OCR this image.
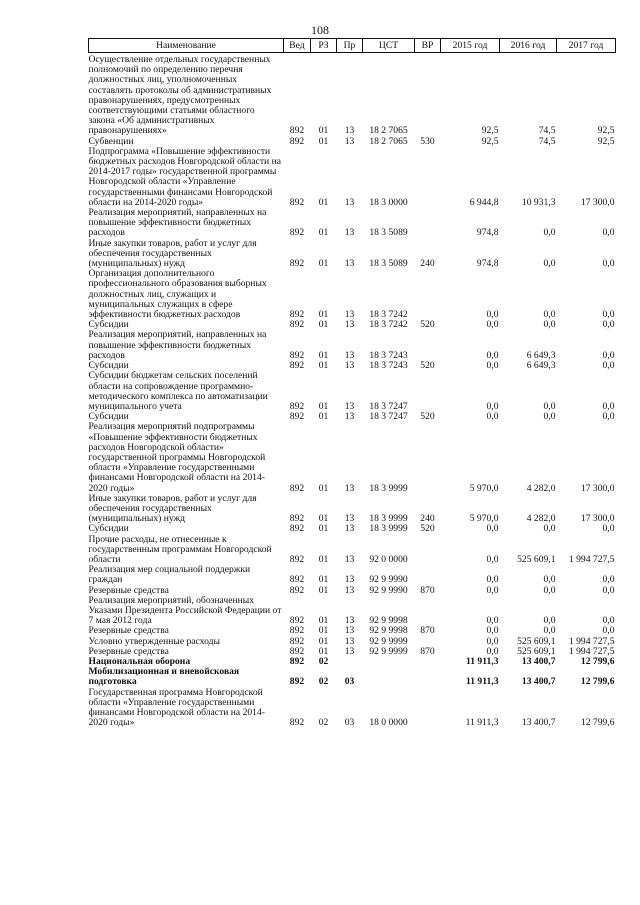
108
Наименование	Вед	РЗ	Пр	ЦСТ	ВР	2015 год	2016 год	2017 год
Осуществление отдельных государственных полномочий по определению перечня должностных лиц, уполномоченных составлять протоколы об административных правонарушениях, предусмотренных соответствующими статьями областного закона «Об административных правонарушениях»	892	01	13	18 2 7065		92,5	74,5	92,5
Субвенции	892	01	13	18 2 7065	530	92,5	74,5	92,5
Подпрограмма «Повышение эффективности бюджетных расходов Новгородской области на 2014-2017 годы» государственной программы Новгородской области «Управление государственными финансами Новгородской области на 2014-2020 годы»	892	01	13	18 3 0000		6 944,8	10 931,3	17 300,0
Реализация мероприятий, направленных на повышение эффективности бюджетных расходов	892	01	13	18 3 5089		974,8	0,0	0,0
Иные закупки товаров, работ и услуг для обеспечения государственных (муниципальных) нужд	892	01	13	18 3 5089	240	974,8	0,0	0,0
Организация дополнительного профессионального образования выборных должностных лиц, служащих и муниципальных служащих в сфере эффективности бюджетных расходов	892	01	13	18 3 7242		0,0	0,0	0,0
Субсидии	892	01	13	18 3 7242	520	0,0	0,0	0,0
Реализация мероприятий, направленных на повышение эффективности бюджетных расходов	892	01	13	18 3 7243		0,0	6 649,3	0,0
Субсидии	892	01	13	18 3 7243	520	0,0	6 649,3	0,0
Субсидии бюджетам сельских поселений области на сопровождение программно-методического комплекса по автоматизации муниципального учета	892	01	13	18 3 7247		0,0	0,0	0,0
Субсидии	892	01	13	18 3 7247	520	0,0	0,0	0,0
Реализация мероприятий подпрограммы «Повышение эффективности бюджетных расходов Новгородской области» государственной программы Новгородской области «Управление государственными финансами Новгородской области на 2014-2020 годы»	892	01	13	18 3 9999		5 970,0	4 282,0	17 300,0
Иные закупки товаров, работ и услуг для обеспечения государственных (муниципальных) нужд	892	01	13	18 3 9999	240	5 970,0	4 282,0	17 300,0
Субсидии	892	01	13	18 3 9999	520	0,0	0,0	0,0
Прочие расходы, не отнесенные к государственным программам Новгородской области	892	01	13	92 0 0000		0,0	525 609,1	1 994 727,5
Реализация мер социальной поддержки граждан	892	01	13	92 9 9990		0,0	0,0	0,0
Резервные средства	892	01	13	92 9 9990	870	0,0	0,0	0,0
Реализация мероприятий, обозначенных Указами Президента Российской Федерации от 7 мая 2012 года	892	01	13	92 9 9998		0,0	0,0	0,0
Резервные средства	892	01	13	92 9 9998	870	0,0	0,0	0,0
Условно утвержденные расходы	892	01	13	92 9 9999		0,0	525 609,1	1 994 727,5
Резервные средства	892	01	13	92 9 9999	870	0,0	525 609,1	1 994 727,5
Национальная оборона	892	02				11 911,3	13 400,7	12 799,6
Мобилизационная и вневойсковая подготовка	892	02	03			11 911,3	13 400,7	12 799,6
Государственная программа Новгородской области «Управление государственными финансами Новгородской области на 2014-2020 годы»	892	02	03	18 0 0000		11 911,3	13 400,7	12 799,6
